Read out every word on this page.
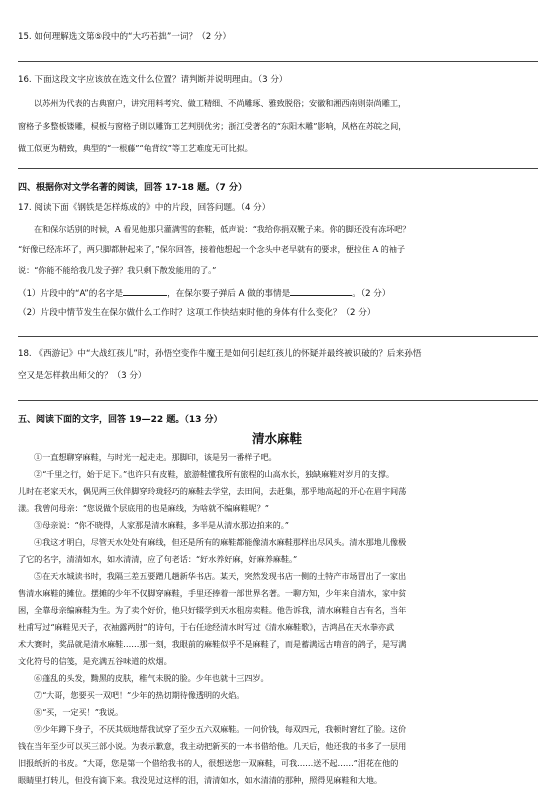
15. 如何理解选文第⑤段中的“大巧若拙”一词？（2 分）
16. 下面这段文字应该放在选文什么位置？请判断并说明理由。（3 分）
以苏州为代表的古典窗户，讲究用料考究、做工精细、不尚雕琢、雅致脱俗；安徽和湘西南则崇尚雕工，
窗格子多整板镂雕，棂板与窗格子則以雕饰工艺判別优劣；浙江受著名的“东阳木雕”影响，风格在苏皖之间，
做工似更为精致，典型的“一根藤”“龟背纹”等工艺难度无可比拟。
四、根据你对文学名著的阅读，回答 17-18 题。（7 分）
17. 阅读下面《钢铁是怎样炼成的》中的片段，回答问题。（4 分）
在和保尔话别的时候，A 看见他那只灌满雪的套鞋，低声说：“我给你捐双靴子来。你的脚还没有冻坏吧？
“好像已经冻坏了，两只脚都肿起来了，”保尔回答，接着他想起一个念头中老早就有的要求，便拉住 A 的袖子
说：“你能不能给我几发子弹？我只剩下散发能用的了。”
（1）片段中的“A”的名字是	，在保尔要子弹后 A 做的事情是	。（2 分）
（2）片段中情节发生在保尔做什么工作时？这项工作快结束时他的身体有什么变化？（2 分）
18. 《西游记》中“大战红孩儿”时，孙悟空变作牛魔王是如何引起红孩儿的怀疑并最终被识破的？后来孙悟
空又是怎样救出师父的？（3 分）
五、阅读下面的文字，回答 19—22 题。（13 分）
清水麻鞋
①一直想聊穿麻鞋，与时光一起走走。那脚印，该是另一番样子吧。
②“千里之行，始于足下。”也许只有皮鞋，旅游鞋懂我所有旅程的山高水长，独缺麻鞋对岁月的支撑。
儿时在老家天水，偶见两三伙伴脚穿玲珑轻巧的麻鞋去学堂，去田间，去赶集，那乎地高起的开心在眉宇间荡
漾。我曾问母亲：“您说做个层底用的也是麻线，为啥就不编麻鞋呢？”
③母亲说：“你不晓得，人家那是清水麻鞋，多半是从清水那边拍来的。”
④我这才明白，尽管天水处处有麻线，但还是所有的麻鞋都能像清水麻鞋那样出尽风头。清水那地儿像极
了它的名字，清清如水，如水清清，应了句老话：“好水养好麻，好麻养麻鞋。”
⑤在天水城读书时，我隔三差五要蹭几趟新华书店。某天，突然发现书店一侧的土特产市场冒出了一家出
售清水麻鞋的摊位。摆摊的少年不仅脚穿麻鞋，手里还捧着一部世界名著。一聊方知，少年来自清水，家中贫
困，全靠母亲编麻鞋为生。为了卖个好价，他只好辍学到天水租房卖鞋。他告诉我，清水麻鞋自古有名，当年
杜甫写过“麻鞋见天子，衣袖露两肘”的诗句，于右任途经清水时写过《清水麻鞋歌》，吉鸿昌在天水拳亦武
术大赛时，奖品就是清水麻鞋……那一刻，我眼前的麻鞋似乎不是麻鞋了，而是蓄满远古啃音的鸽子，是写满
文化符号的信笺，是充满五谷味道的炊烟。
⑥蓬乱的头发，黝黑的皮肤，稚气未脱的脸。少年也就十三四岁。
⑦“大哥，您要买一双吧！”少年的热切期待像透明的火焰。
⑧“买，一定买！”我说。
⑨少年蹲下身子，不厌其烦地帮我试穿了至少五六双麻鞋。一问价钱，每双四元，我顿时窘红了脸。这价
钱在当年至少可以买三部小说。为表示歉意，我主动把新买的一本书借给他。几天后，他还我的书多了一层用
旧报纸折的书皮。“大哥，您是第一个借给我书的人，很想送您一双麻鞋，可我……送不起……”泪花在他的
眼睛里打转儿，但没有滴下来。我没见过这样的泪，清清如水，如水清清的那种，照得见麻鞋和大地。
